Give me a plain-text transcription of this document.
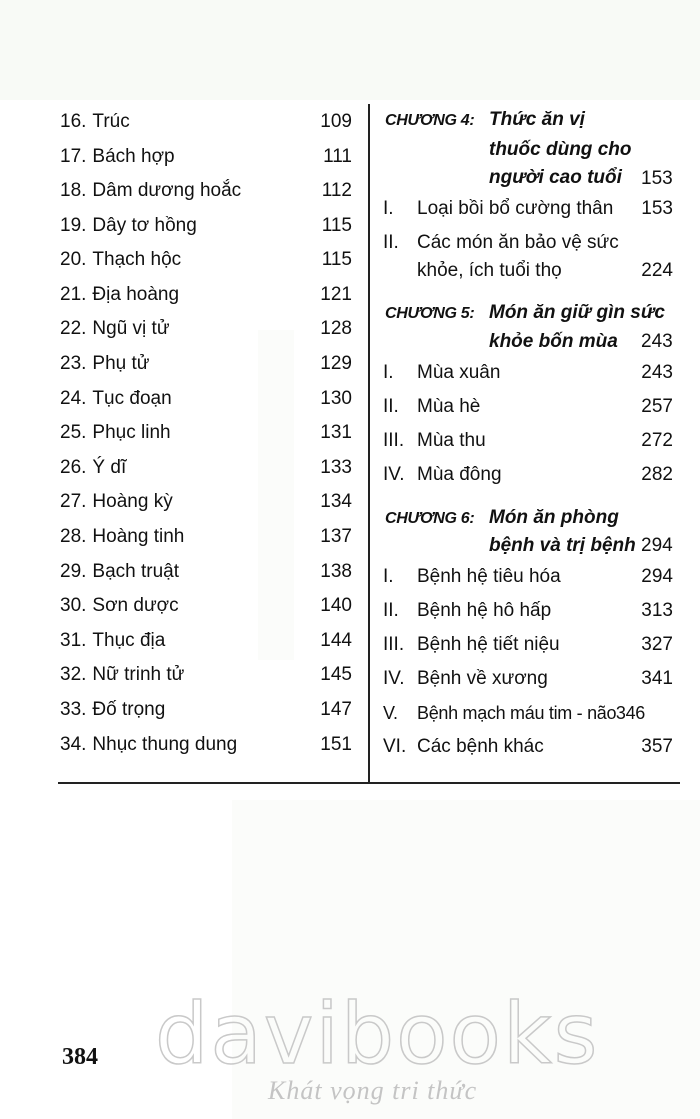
16. Trúc	109
17. Bách hợp	111
18. Dâm dương hoắc	112
19. Dây tơ hồng	115
20. Thạch hộc	115
21. Địa hoàng	121
22. Ngũ vị tử	128
23. Phụ tử	129
24. Tục đoạn	130
25. Phục linh	131
26. Ý dĩ	133
27. Hoàng kỳ	134
28. Hoàng tinh	137
29. Bạch truật	138
30. Sơn dược	140
31. Thục địa	144
32. Nữ trinh tử	145
33. Đố trọng	147
34. Nhục thung dung	151
CHƯƠNG 4: Thức ăn vị
thuốc dùng cho
người cao tuổi 153
I.	Loại bồi bổ cường thân 153
II. Các món ăn bảo vệ sức
khỏe, ích tuổi thọ	224
CHƯƠNG 5: Món ăn giữ gìn sức
khỏe bốn mùa 243
I.	Mùa xuân	243
II. Mùa hè	257
III. Mùa thu	272
IV. Mùa đông	282
CHƯƠNG 6: Món ăn phòng
bệnh và trị bệnh 294
I.	Bệnh hệ tiêu hóa	294
II. Bệnh hệ hô hấp	313
III. Bệnh hệ tiết niệu	327
IV. Bệnh về xương	341
V.	Bệnh mạch máu tim - não 346
VI. Các bệnh khác	357
davibooks
Khát vọng tri thức
384
